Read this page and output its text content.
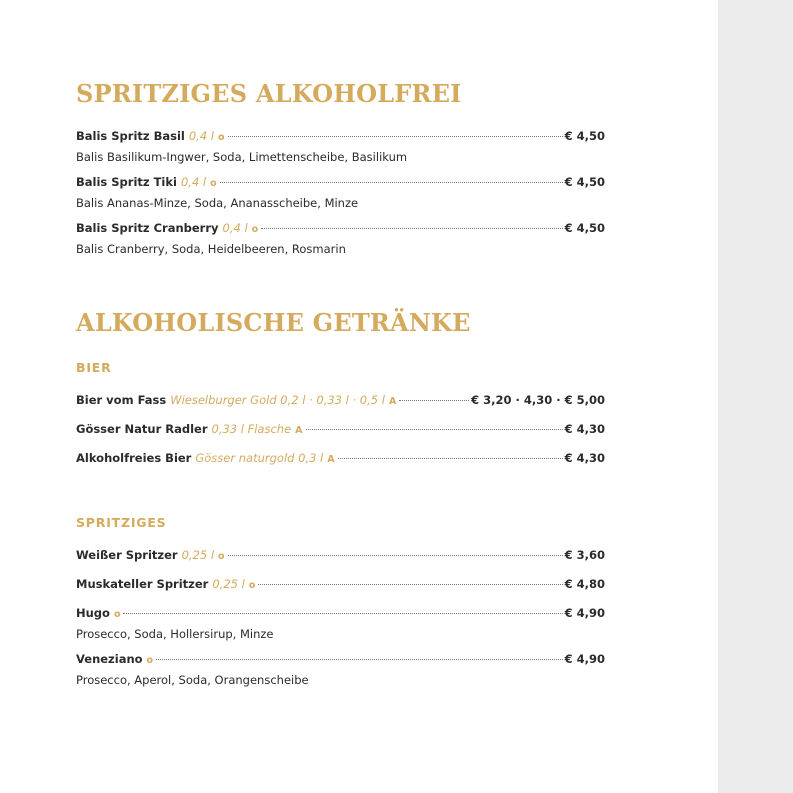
SPRITZIGES ALKOHOLFREI
Balis Spritz Basil 0,4 l o	€ 4,50
Balis Basilikum-Ingwer, Soda, Limettenscheibe, Basilikum
Balis Spritz Tiki 0,4 l o	€ 4,50
Balis Ananas-Minze, Soda, Ananasscheibe, Minze
Balis Spritz Cranberry 0,4 l o	€ 4,50
Balis Cranberry, Soda, Heidelbeeren, Rosmarin
ALKOHOLISCHE GETRÄNKE
BIER
Bier vom Fass Wieselburger Gold 0,2 l · 0,33 l · 0,5 l A	€ 3,20 · 4,30 · € 5,00
Gösser Natur Radler 0,33 l Flasche A	€ 4,30
Alkoholfreies Bier Gösser naturgold 0,3 l A	€ 4,30
SPRITZIGES
Weißer Spritzer 0,25 l o	€ 3,60
Muskateller Spritzer 0,25 l o	€ 4,80
Hugo o	€ 4,90
Prosecco, Soda, Hollersirup, Minze
Veneziano o	€ 4,90
Prosecco, Aperol, Soda, Orangenscheibe
